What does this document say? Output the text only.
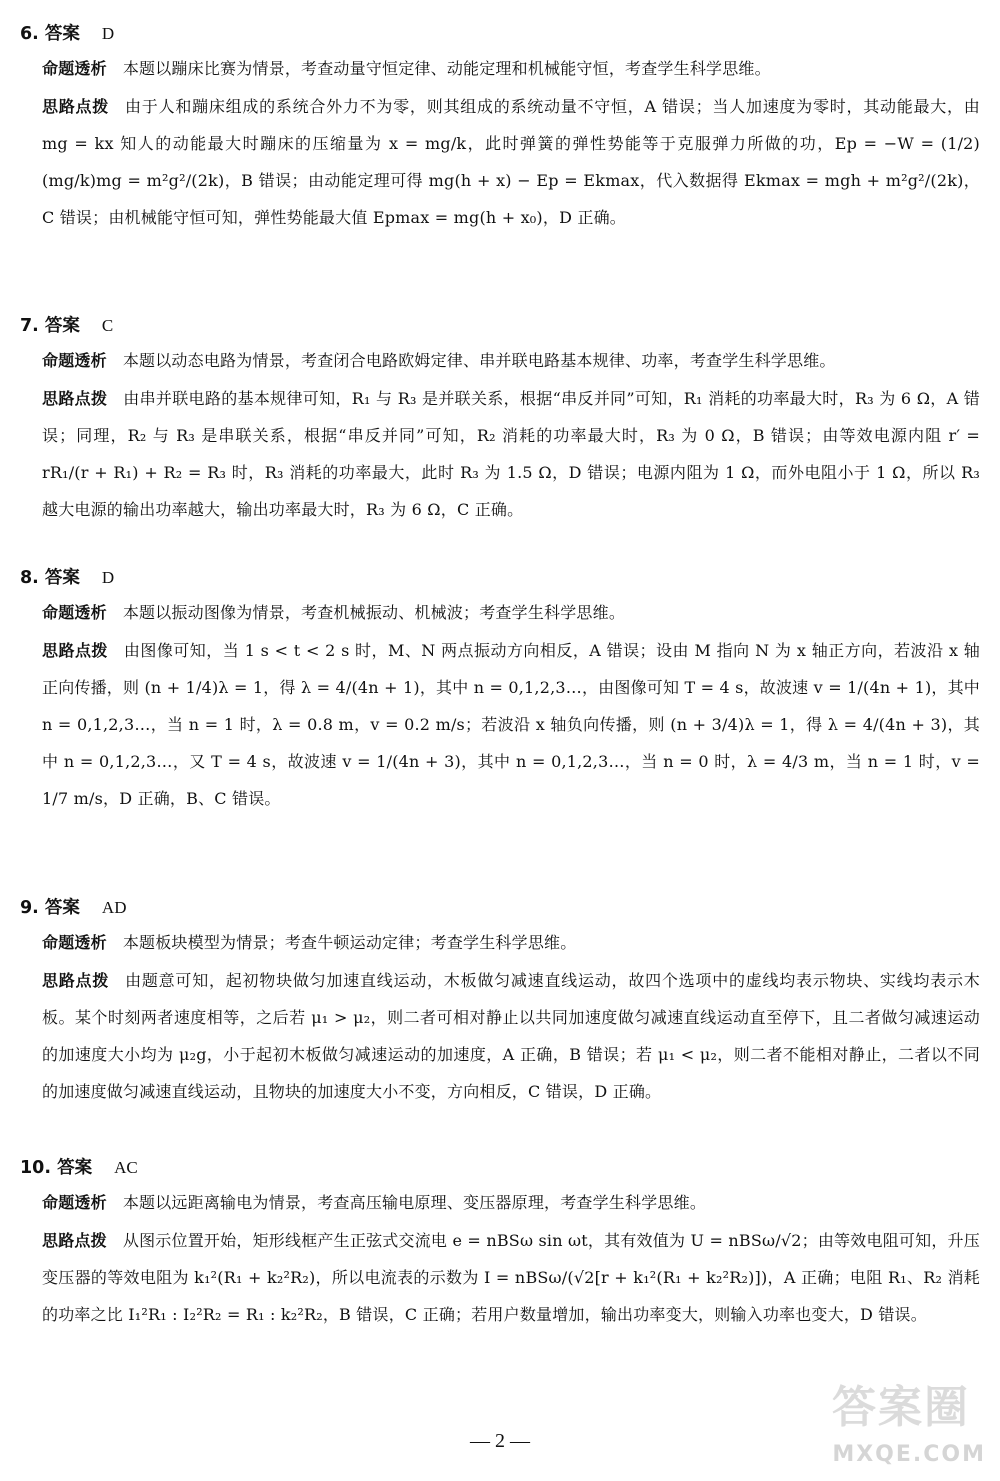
6. 答案 D
命题透析 本题以蹦床比赛为情景，考查动量守恒定律、动能定理和机械能守恒，考查学生科学思维。
思路点拨 由于人和蹦床组成的系统合外力不为零，则其组成的系统动量不守恒，A 错误；当人加速度为零时，其动能最大，由 mg = kx 知人的动能最大时蹦床的压缩量为 x = mg/k，此时弹簧的弹性势能等于克服弹力所做的功，Ep = −W = (1/2)(mg/k)mg = m²g²/(2k)，B 错误；由动能定理可得 mg(h + x) − Ep = Ekmax，代入数据得 Ekmax = mgh + m²g²/(2k)，C 错误；由机械能守恒可知，弹性势能最大值 Epmax = mg(h + x₀)，D 正确。
7. 答案 C
命题透析 本题以动态电路为情景，考查闭合电路欧姆定律、串并联电路基本规律、功率，考查学生科学思维。
思路点拨 由串并联电路的基本规律可知，R₁ 与 R₃ 是并联关系，根据“串反并同”可知，R₁ 消耗的功率最大时，R₃ 为 6 Ω，A 错误；同理，R₂ 与 R₃ 是串联关系，根据“串反并同”可知，R₂ 消耗的功率最大时，R₃ 为 0 Ω，B 错误；由等效电源内阻 r′ = rR₁/(r + R₁) + R₂ = R₃ 时，R₃ 消耗的功率最大，此时 R₃ 为 1.5 Ω，D 错误；电源内阻为 1 Ω，而外电阻小于 1 Ω，所以 R₃ 越大电源的输出功率越大，输出功率最大时，R₃ 为 6 Ω，C 正确。
8. 答案 D
命题透析 本题以振动图像为情景，考查机械振动、机械波；考查学生科学思维。
思路点拨 由图像可知，当 1 s < t < 2 s 时，M、N 两点振动方向相反，A 错误；设由 M 指向 N 为 x 轴正方向，若波沿 x 轴正向传播，则 (n + 1/4)λ = 1，得 λ = 4/(4n + 1)，其中 n = 0,1,2,3…，由图像可知 T = 4 s，故波速 v = 1/(4n + 1)，其中 n = 0,1,2,3…，当 n = 1 时，λ = 0.8 m，v = 0.2 m/s；若波沿 x 轴负向传播，则 (n + 3/4)λ = 1，得 λ = 4/(4n + 3)，其中 n = 0,1,2,3…，又 T = 4 s，故波速 v = 1/(4n + 3)，其中 n = 0,1,2,3…，当 n = 0 时，λ = 4/3 m，当 n = 1 时，v = 1/7 m/s，D 正确，B、C 错误。
9. 答案 AD
命题透析 本题板块模型为情景；考查牛顿运动定律；考查学生科学思维。
思路点拨 由题意可知，起初物块做匀加速直线运动，木板做匀减速直线运动，故四个选项中的虚线均表示物块、实线均表示木板。某个时刻两者速度相等，之后若 μ₁ > μ₂，则二者可相对静止以共同加速度做匀减速直线运动直至停下，且二者做匀减速运动的加速度大小均为 μ₂g，小于起初木板做匀减速运动的加速度，A 正确，B 错误；若 μ₁ < μ₂，则二者不能相对静止，二者以不同的加速度做匀减速直线运动，且物块的加速度大小不变，方向相反，C 错误，D 正确。
10. 答案 AC
命题透析 本题以远距离输电为情景，考查高压输电原理、变压器原理，考查学生科学思维。
思路点拨 从图示位置开始，矩形线框产生正弦式交流电 e = nBSω sin ωt，其有效值为 U = nBSω/√2；由等效电阻可知，升压变压器的等效电阻为 k₁²(R₁ + k₂²R₂)，所以电流表的示数为 I = nBSω/(√2[r + k₁²(R₁ + k₂²R₂)])，A 正确；电阻 R₁、R₂ 消耗的功率之比 I₁²R₁ : I₂²R₂ = R₁ : k₂²R₂，B 错误，C 正确；若用户数量增加，输出功率变大，则输入功率也变大，D 错误。
— 2 —
答案圈
MXQE.COM
